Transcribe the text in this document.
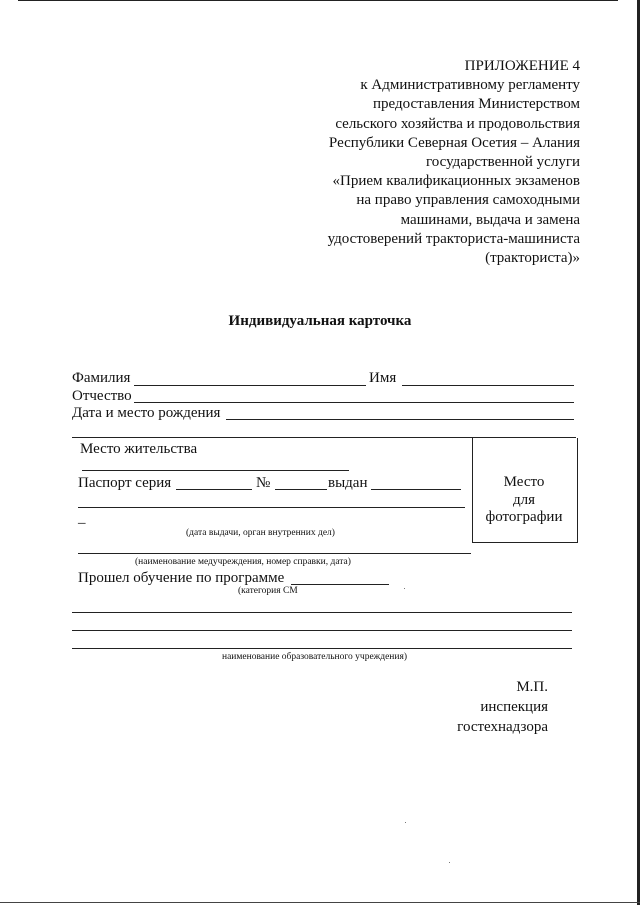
ПРИЛОЖЕНИЕ 4
к Административному регламенту
предоставления Министерством
сельского хозяйства и продовольствия
Республики Северная Осетия – Алания
государственной услуги
«Прием квалификационных экзаменов
на право управления самоходными
машинами, выдача и замена
удостоверений тракториста-машиниста
(тракториста)»
Индивидуальная карточка
Фамилия	Имя
Отчество
Дата и место рождения
Место жительства
Паспорт серия	№	выдан
–
(дата выдачи, орган внутренних дел)
(наименование медучреждения, номер справки, дата)
Прошел обучение по программе
(категория СМ
наименование образовательного учреждения)
Место
для
фотографии
М.П.
инспекция
гостехнадзора
